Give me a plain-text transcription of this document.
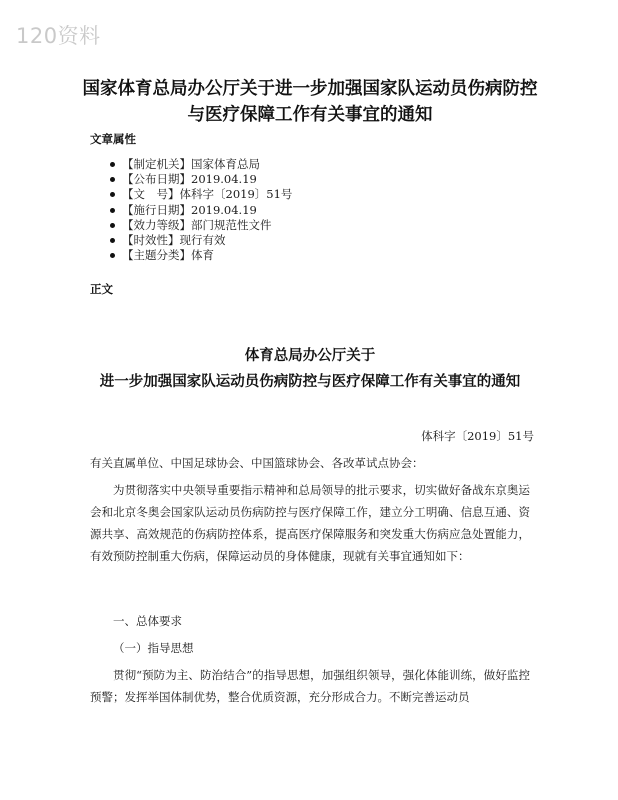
120资料
国家体育总局办公厅关于进一步加强国家队运动员伤病防控与医疗保障工作有关事宜的通知
文章属性
【制定机关】国家体育总局
【公布日期】2019.04.19
【文　号】体科字〔2019〕51号
【施行日期】2019.04.19
【效力等级】部门规范性文件
【时效性】现行有效
【主题分类】体育
正文
体育总局办公厅关于
进一步加强国家队运动员伤病防控与医疗保障工作有关事宜的通知
体科字〔2019〕51号

有关直属单位、中国足球协会、中国篮球协会、各改革试点协会：

为贯彻落实中央领导重要指示精神和总局领导的批示要求，切实做好备战东京奥运会和北京冬奥会国家队运动员伤病防控与医疗保障工作，建立分工明确、信息互通、资源共享、高效规范的伤病防控体系，提高医疗保障服务和突发重大伤病应急处置能力，有效预防控制重大伤病，保障运动员的身体健康，现就有关事宜通知如下：

一、总体要求

（一）指导思想

贯彻“预防为主、防治结合”的指导思想，加强组织领导，强化体能训练，做好监控预警；发挥举国体制优势，整合优质资源，充分形成合力。不断完善运动员
